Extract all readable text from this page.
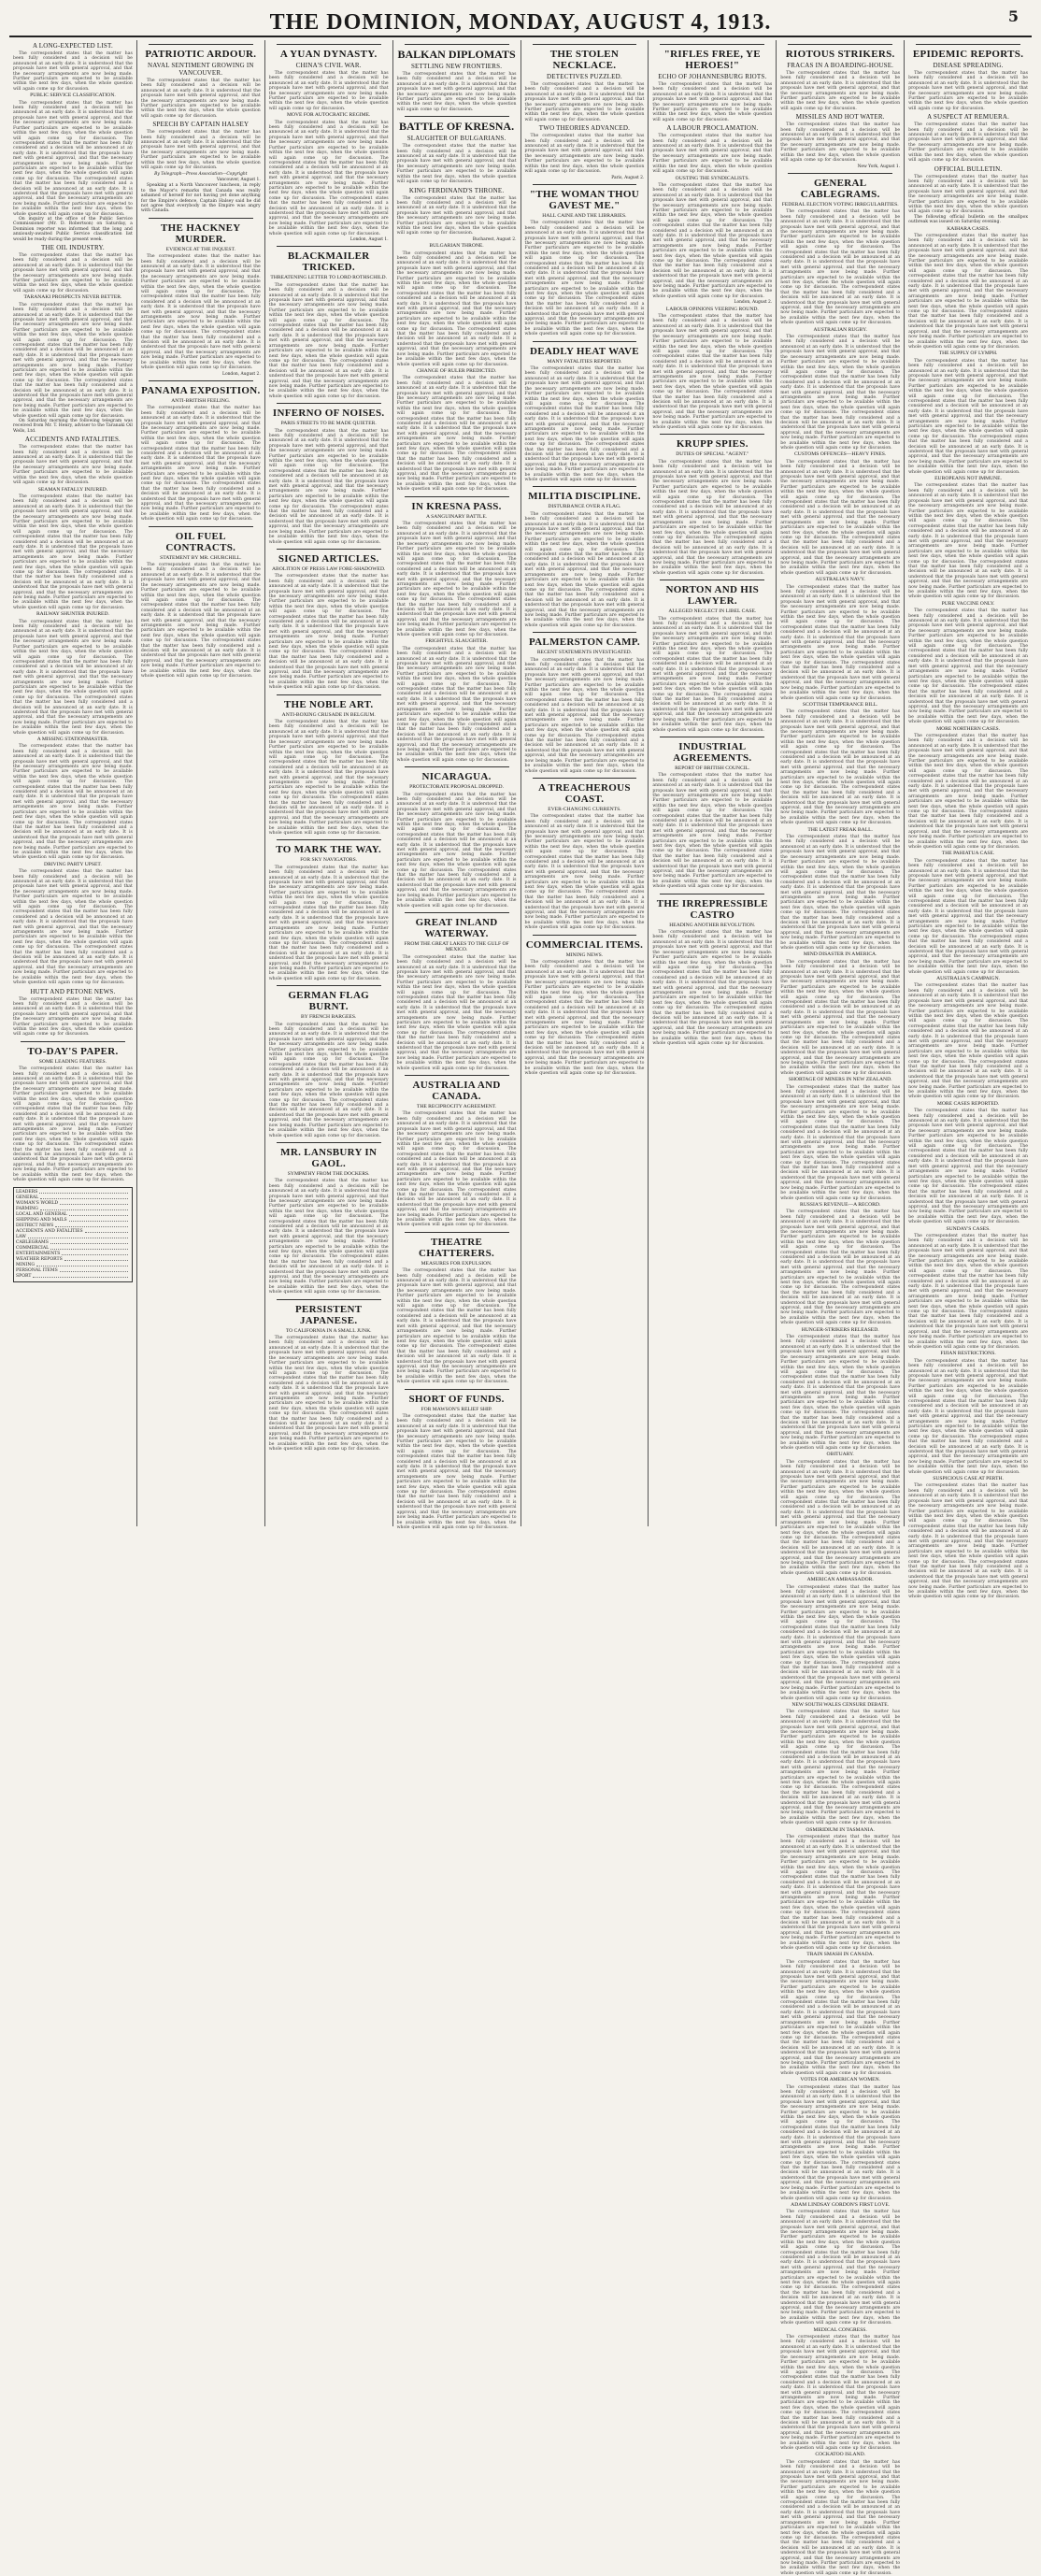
THE DOMINION, MONDAY, AUGUST 4, 1913.	5
A LONG-EXPECTED LIST.
The correspondent states that the matter has been fully considered and a decision will be announced at an early date. It is understood that the proposals have met with general approval, and that the necessary arrangements are now being made. Further particulars are expected to be available within the next few days, when the whole question will again come up for discussion.
PUBLIC SERVICE CLASSIFICATION.
The correspondent states that the matter has been fully considered and a decision will be announced at an early date. It is understood that the proposals have met with general approval, and that the necessary arrangements are now being made. Further particulars are expected to be available within the next few days, when the whole question will again come up for discussion. The correspondent states that the matter has been fully considered and a decision will be announced at an early date. It is understood that the proposals have met with general approval, and that the necessary arrangements are now being made. Further particulars are expected to be available within the next few days, when the whole question will again come up for discussion. The correspondent states that the matter has been fully considered and a decision will be announced at an early date. It is understood that the proposals have met with general approval, and that the necessary arrangements are now being made. Further particulars are expected to be available within the next few days, when the whole question will again come up for discussion.
On inquiry at the office of the Public Service Commissioner (Mr. D. Robertson) on Saturday, a Dominion reporter was informed that the long and anxiously-awaited Public Service classification list would be ready during the present week.
THE OIL INDUSTRY.
The correspondent states that the matter has been fully considered and a decision will be announced at an early date. It is understood that the proposals have met with general approval, and that the necessary arrangements are now being made. Further particulars are expected to be available within the next few days, when the whole question will again come up for discussion.
TARANAKI PROSPECTS NEVER BETTER.
The correspondent states that the matter has been fully considered and a decision will be announced at an early date. It is understood that the proposals have met with general approval, and that the necessary arrangements are now being made. Further particulars are expected to be available within the next few days, when the whole question will again come up for discussion. The correspondent states that the matter has been fully considered and a decision will be announced at an early date. It is understood that the proposals have met with general approval, and that the necessary arrangements are now being made. Further particulars are expected to be available within the next few days, when the whole question will again come up for discussion. The correspondent states that the matter has been fully considered and a decision will be announced at an early date. It is understood that the proposals have met with general approval, and that the necessary arrangements are now being made. Further particulars are expected to be available within the next few days, when the whole question will again come up for discussion.
On Saturday morning the following telegram was received from Mr. T. Henry, adviser to the Taranaki Oil Wells, Ltd.
ACCIDENTS AND FATALITIES.
The correspondent states that the matter has been fully considered and a decision will be announced at an early date. It is understood that the proposals have met with general approval, and that the necessary arrangements are now being made. Further particulars are expected to be available within the next few days, when the whole question will again come up for discussion.
SEAMAN FATALLY INJURED.
The correspondent states that the matter has been fully considered and a decision will be announced at an early date. It is understood that the proposals have met with general approval, and that the necessary arrangements are now being made. Further particulars are expected to be available within the next few days, when the whole question will again come up for discussion. The correspondent states that the matter has been fully considered and a decision will be announced at an early date. It is understood that the proposals have met with general approval, and that the necessary arrangements are now being made. Further particulars are expected to be available within the next few days, when the whole question will again come up for discussion. The correspondent states that the matter has been fully considered and a decision will be announced at an early date. It is understood that the proposals have met with general approval, and that the necessary arrangements are now being made. Further particulars are expected to be available within the next few days, when the whole question will again come up for discussion.
RAILWAY SHUNTER INJURED.
The correspondent states that the matter has been fully considered and a decision will be announced at an early date. It is understood that the proposals have met with general approval, and that the necessary arrangements are now being made. Further particulars are expected to be available within the next few days, when the whole question will again come up for discussion. The correspondent states that the matter has been fully considered and a decision will be announced at an early date. It is understood that the proposals have met with general approval, and that the necessary arrangements are now being made. Further particulars are expected to be available within the next few days, when the whole question will again come up for discussion. The correspondent states that the matter has been fully considered and a decision will be announced at an early date. It is understood that the proposals have met with general approval, and that the necessary arrangements are now being made. Further particulars are expected to be available within the next few days, when the whole question will again come up for discussion.
A MISSING STATIONMASTER.
The correspondent states that the matter has been fully considered and a decision will be announced at an early date. It is understood that the proposals have met with general approval, and that the necessary arrangements are now being made. Further particulars are expected to be available within the next few days, when the whole question will again come up for discussion. The correspondent states that the matter has been fully considered and a decision will be announced at an early date. It is understood that the proposals have met with general approval, and that the necessary arrangements are now being made. Further particulars are expected to be available within the next few days, when the whole question will again come up for discussion. The correspondent states that the matter has been fully considered and a decision will be announced at an early date. It is understood that the proposals have met with general approval, and that the necessary arrangements are now being made. Further particulars are expected to be available within the next few days, when the whole question will again come up for discussion.
DRIVING PARTY UPSET.
The correspondent states that the matter has been fully considered and a decision will be announced at an early date. It is understood that the proposals have met with general approval, and that the necessary arrangements are now being made. Further particulars are expected to be available within the next few days, when the whole question will again come up for discussion. The correspondent states that the matter has been fully considered and a decision will be announced at an early date. It is understood that the proposals have met with general approval, and that the necessary arrangements are now being made. Further particulars are expected to be available within the next few days, when the whole question will again come up for discussion. The correspondent states that the matter has been fully considered and a decision will be announced at an early date. It is understood that the proposals have met with general approval, and that the necessary arrangements are now being made. Further particulars are expected to be available within the next few days, when the whole question will again come up for discussion.
HUTT AND PETONE NEWS.
The correspondent states that the matter has been fully considered and a decision will be announced at an early date. It is understood that the proposals have met with general approval, and that the necessary arrangements are now being made. Further particulars are expected to be available within the next few days, when the whole question will again come up for discussion.
TO-DAY'S PAPER.
SOME LEADING FEATURES.
The correspondent states that the matter has been fully considered and a decision will be announced at an early date. It is understood that the proposals have met with general approval, and that the necessary arrangements are now being made. Further particulars are expected to be available within the next few days, when the whole question will again come up for discussion. The correspondent states that the matter has been fully considered and a decision will be announced at an early date. It is understood that the proposals have met with general approval, and that the necessary arrangements are now being made. Further particulars are expected to be available within the next few days, when the whole question will again come up for discussion. The correspondent states that the matter has been fully considered and a decision will be announced at an early date. It is understood that the proposals have met with general approval, and that the necessary arrangements are now being made. Further particulars are expected to be available within the next few days, when the whole question will again come up for discussion.
LEADERS
GENERAL
WOMAN'S WORLD
FARMING
LOCAL AND GENERAL
SHIPPING AND MAILS
DISTRICT NEWS
ACCIDENTS AND FATALITIES
LAW
CABLEGRAMS
COMMERCIAL
ENTERTAINMENTS
WEATHER REPORTS
MINING
PERSONAL ITEMS
SPORT
PATRIOTIC ARDOUR.
NAVAL SENTIMENT GROWING IN VANCOUVER.
The correspondent states that the matter has been fully considered and a decision will be announced at an early date. It is understood that the proposals have met with general approval, and that the necessary arrangements are now being made. Further particulars are expected to be available within the next few days, when the whole question will again come up for discussion.
SPEECH BY CAPTAIN HALSEY
The correspondent states that the matter has been fully considered and a decision will be announced at an early date. It is understood that the proposals have met with general approval, and that the necessary arrangements are now being made. Further particulars are expected to be available within the next few days, when the whole question will again come up for discussion.
By Telegraph—Press Association—Copyright
Vancouver, August 1.
Speaking at a North Vancouver luncheon, in reply to the Mayor's remarks that Canada was really ashamed of herself for not having yet done anything for the Empire's defence, Captain Halsey said he did not agree that everybody in the Empire was angry with Canada.
THE HACKNEY MURDER.
EVIDENCE AT THE INQUEST.
The correspondent states that the matter has been fully considered and a decision will be announced at an early date. It is understood that the proposals have met with general approval, and that the necessary arrangements are now being made. Further particulars are expected to be available within the next few days, when the whole question will again come up for discussion. The correspondent states that the matter has been fully considered and a decision will be announced at an early date. It is understood that the proposals have met with general approval, and that the necessary arrangements are now being made. Further particulars are expected to be available within the next few days, when the whole question will again come up for discussion. The correspondent states that the matter has been fully considered and a decision will be announced at an early date. It is understood that the proposals have met with general approval, and that the necessary arrangements are now being made. Further particulars are expected to be available within the next few days, when the whole question will again come up for discussion.
London, August 2.
PANAMA EXPOSITION.
ANTI-BRITISH FEELING.
The correspondent states that the matter has been fully considered and a decision will be announced at an early date. It is understood that the proposals have met with general approval, and that the necessary arrangements are now being made. Further particulars are expected to be available within the next few days, when the whole question will again come up for discussion. The correspondent states that the matter has been fully considered and a decision will be announced at an early date. It is understood that the proposals have met with general approval, and that the necessary arrangements are now being made. Further particulars are expected to be available within the next few days, when the whole question will again come up for discussion. The correspondent states that the matter has been fully considered and a decision will be announced at an early date. It is understood that the proposals have met with general approval, and that the necessary arrangements are now being made. Further particulars are expected to be available within the next few days, when the whole question will again come up for discussion.
OIL FUEL CONTRACTS.
STATEMENT BY MR. CHURCHILL.
The correspondent states that the matter has been fully considered and a decision will be announced at an early date. It is understood that the proposals have met with general approval, and that the necessary arrangements are now being made. Further particulars are expected to be available within the next few days, when the whole question will again come up for discussion. The correspondent states that the matter has been fully considered and a decision will be announced at an early date. It is understood that the proposals have met with general approval, and that the necessary arrangements are now being made. Further particulars are expected to be available within the next few days, when the whole question will again come up for discussion. The correspondent states that the matter has been fully considered and a decision will be announced at an early date. It is understood that the proposals have met with general approval, and that the necessary arrangements are now being made. Further particulars are expected to be available within the next few days, when the whole question will again come up for discussion.
A YUAN DYNASTY.
CHINA'S CIVIL WAR.
The correspondent states that the matter has been fully considered and a decision will be announced at an early date. It is understood that the proposals have met with general approval, and that the necessary arrangements are now being made. Further particulars are expected to be available within the next few days, when the whole question will again come up for discussion.
MOVE FOR AUTOCRATIC REGIME.
The correspondent states that the matter has been fully considered and a decision will be announced at an early date. It is understood that the proposals have met with general approval, and that the necessary arrangements are now being made. Further particulars are expected to be available within the next few days, when the whole question will again come up for discussion. The correspondent states that the matter has been fully considered and a decision will be announced at an early date. It is understood that the proposals have met with general approval, and that the necessary arrangements are now being made. Further particulars are expected to be available within the next few days, when the whole question will again come up for discussion. The correspondent states that the matter has been fully considered and a decision will be announced at an early date. It is understood that the proposals have met with general approval, and that the necessary arrangements are now being made. Further particulars are expected to be available within the next few days, when the whole question will again come up for discussion.
London, August 1.
BLACKMAILER TRICKED.
THREATENING LETTER TO LORD ROTHSCHILD.
The correspondent states that the matter has been fully considered and a decision will be announced at an early date. It is understood that the proposals have met with general approval, and that the necessary arrangements are now being made. Further particulars are expected to be available within the next few days, when the whole question will again come up for discussion. The correspondent states that the matter has been fully considered and a decision will be announced at an early date. It is understood that the proposals have met with general approval, and that the necessary arrangements are now being made. Further particulars are expected to be available within the next few days, when the whole question will again come up for discussion. The correspondent states that the matter has been fully considered and a decision will be announced at an early date. It is understood that the proposals have met with general approval, and that the necessary arrangements are now being made. Further particulars are expected to be available within the next few days, when the whole question will again come up for discussion.
INFERNO OF NOISES.
PARIS STREETS TO BE MADE QUIETER.
The correspondent states that the matter has been fully considered and a decision will be announced at an early date. It is understood that the proposals have met with general approval, and that the necessary arrangements are now being made. Further particulars are expected to be available within the next few days, when the whole question will again come up for discussion. The correspondent states that the matter has been fully considered and a decision will be announced at an early date. It is understood that the proposals have met with general approval, and that the necessary arrangements are now being made. Further particulars are expected to be available within the next few days, when the whole question will again come up for discussion. The correspondent states that the matter has been fully considered and a decision will be announced at an early date. It is understood that the proposals have met with general approval, and that the necessary arrangements are now being made. Further particulars are expected to be available within the next few days, when the whole question will again come up for discussion.
SIGNED ARTICLES.
ABOLITION OF PRESS LAW FORE-SHADOWED.
The correspondent states that the matter has been fully considered and a decision will be announced at an early date. It is understood that the proposals have met with general approval, and that the necessary arrangements are now being made. Further particulars are expected to be available within the next few days, when the whole question will again come up for discussion. The correspondent states that the matter has been fully considered and a decision will be announced at an early date. It is understood that the proposals have met with general approval, and that the necessary arrangements are now being made. Further particulars are expected to be available within the next few days, when the whole question will again come up for discussion. The correspondent states that the matter has been fully considered and a decision will be announced at an early date. It is understood that the proposals have met with general approval, and that the necessary arrangements are now being made. Further particulars are expected to be available within the next few days, when the whole question will again come up for discussion.
THE NOBLE ART.
ANTI-BOXING CRUSADE IN BELGIUM.
The correspondent states that the matter has been fully considered and a decision will be announced at an early date. It is understood that the proposals have met with general approval, and that the necessary arrangements are now being made. Further particulars are expected to be available within the next few days, when the whole question will again come up for discussion. The correspondent states that the matter has been fully considered and a decision will be announced at an early date. It is understood that the proposals have met with general approval, and that the necessary arrangements are now being made. Further particulars are expected to be available within the next few days, when the whole question will again come up for discussion. The correspondent states that the matter has been fully considered and a decision will be announced at an early date. It is understood that the proposals have met with general approval, and that the necessary arrangements are now being made. Further particulars are expected to be available within the next few days, when the whole question will again come up for discussion.
TO MARK THE WAY.
FOR SKY NAVIGATORS.
The correspondent states that the matter has been fully considered and a decision will be announced at an early date. It is understood that the proposals have met with general approval, and that the necessary arrangements are now being made. Further particulars are expected to be available within the next few days, when the whole question will again come up for discussion. The correspondent states that the matter has been fully considered and a decision will be announced at an early date. It is understood that the proposals have met with general approval, and that the necessary arrangements are now being made. Further particulars are expected to be available within the next few days, when the whole question will again come up for discussion. The correspondent states that the matter has been fully considered and a decision will be announced at an early date. It is understood that the proposals have met with general approval, and that the necessary arrangements are now being made. Further particulars are expected to be available within the next few days, when the whole question will again come up for discussion.
GERMAN FLAG BURNT.
BY FRENCH BARGEES.
The correspondent states that the matter has been fully considered and a decision will be announced at an early date. It is understood that the proposals have met with general approval, and that the necessary arrangements are now being made. Further particulars are expected to be available within the next few days, when the whole question will again come up for discussion. The correspondent states that the matter has been fully considered and a decision will be announced at an early date. It is understood that the proposals have met with general approval, and that the necessary arrangements are now being made. Further particulars are expected to be available within the next few days, when the whole question will again come up for discussion. The correspondent states that the matter has been fully considered and a decision will be announced at an early date. It is understood that the proposals have met with general approval, and that the necessary arrangements are now being made. Further particulars are expected to be available within the next few days, when the whole question will again come up for discussion.
MR. LANSBURY IN GAOL.
SYMPATHY FROM THE DOCKERS.
The correspondent states that the matter has been fully considered and a decision will be announced at an early date. It is understood that the proposals have met with general approval, and that the necessary arrangements are now being made. Further particulars are expected to be available within the next few days, when the whole question will again come up for discussion. The correspondent states that the matter has been fully considered and a decision will be announced at an early date. It is understood that the proposals have met with general approval, and that the necessary arrangements are now being made. Further particulars are expected to be available within the next few days, when the whole question will again come up for discussion. The correspondent states that the matter has been fully considered and a decision will be announced at an early date. It is understood that the proposals have met with general approval, and that the necessary arrangements are now being made. Further particulars are expected to be available within the next few days, when the whole question will again come up for discussion.
PERSISTENT JAPANESE.
TO CALIFORNIA IN A SMALL JUNK.
The correspondent states that the matter has been fully considered and a decision will be announced at an early date. It is understood that the proposals have met with general approval, and that the necessary arrangements are now being made. Further particulars are expected to be available within the next few days, when the whole question will again come up for discussion. The correspondent states that the matter has been fully considered and a decision will be announced at an early date. It is understood that the proposals have met with general approval, and that the necessary arrangements are now being made. Further particulars are expected to be available within the next few days, when the whole question will again come up for discussion. The correspondent states that the matter has been fully considered and a decision will be announced at an early date. It is understood that the proposals have met with general approval, and that the necessary arrangements are now being made. Further particulars are expected to be available within the next few days, when the whole question will again come up for discussion.
BALKAN DIPLOMATS
SETTLING NEW FRONTIERS.
The correspondent states that the matter has been fully considered and a decision will be announced at an early date. It is understood that the proposals have met with general approval, and that the necessary arrangements are now being made. Further particulars are expected to be available within the next few days, when the whole question will again come up for discussion.
BATTLE OF KRESNA.
SLAUGHTER OF BULGARIANS.
The correspondent states that the matter has been fully considered and a decision will be announced at an early date. It is understood that the proposals have met with general approval, and that the necessary arrangements are now being made. Further particulars are expected to be available within the next few days, when the whole question will again come up for discussion.
KING FERDINAND'S THRONE.
The correspondent states that the matter has been fully considered and a decision will be announced at an early date. It is understood that the proposals have met with general approval, and that the necessary arrangements are now being made. Further particulars are expected to be available within the next few days, when the whole question will again come up for discussion.
Bucharest, August 2.
BULGARIAN THRONE.
The correspondent states that the matter has been fully considered and a decision will be announced at an early date. It is understood that the proposals have met with general approval, and that the necessary arrangements are now being made. Further particulars are expected to be available within the next few days, when the whole question will again come up for discussion. The correspondent states that the matter has been fully considered and a decision will be announced at an early date. It is understood that the proposals have met with general approval, and that the necessary arrangements are now being made. Further particulars are expected to be available within the next few days, when the whole question will again come up for discussion. The correspondent states that the matter has been fully considered and a decision will be announced at an early date. It is understood that the proposals have met with general approval, and that the necessary arrangements are now being made. Further particulars are expected to be available within the next few days, when the whole question will again come up for discussion.
CHANGE OF RULER PREDICTED.
The correspondent states that the matter has been fully considered and a decision will be announced at an early date. It is understood that the proposals have met with general approval, and that the necessary arrangements are now being made. Further particulars are expected to be available within the next few days, when the whole question will again come up for discussion. The correspondent states that the matter has been fully considered and a decision will be announced at an early date. It is understood that the proposals have met with general approval, and that the necessary arrangements are now being made. Further particulars are expected to be available within the next few days, when the whole question will again come up for discussion. The correspondent states that the matter has been fully considered and a decision will be announced at an early date. It is understood that the proposals have met with general approval, and that the necessary arrangements are now being made. Further particulars are expected to be available within the next few days, when the whole question will again come up for discussion.
IN KRESNA PASS.
A SANGUINARY BATTLE.
The correspondent states that the matter has been fully considered and a decision will be announced at an early date. It is understood that the proposals have met with general approval, and that the necessary arrangements are now being made. Further particulars are expected to be available within the next few days, when the whole question will again come up for discussion. The correspondent states that the matter has been fully considered and a decision will be announced at an early date. It is understood that the proposals have met with general approval, and that the necessary arrangements are now being made. Further particulars are expected to be available within the next few days, when the whole question will again come up for discussion. The correspondent states that the matter has been fully considered and a decision will be announced at an early date. It is understood that the proposals have met with general approval, and that the necessary arrangements are now being made. Further particulars are expected to be available within the next few days, when the whole question will again come up for discussion.
FRIGHTFUL SLAUGHTER.
The correspondent states that the matter has been fully considered and a decision will be announced at an early date. It is understood that the proposals have met with general approval, and that the necessary arrangements are now being made. Further particulars are expected to be available within the next few days, when the whole question will again come up for discussion. The correspondent states that the matter has been fully considered and a decision will be announced at an early date. It is understood that the proposals have met with general approval, and that the necessary arrangements are now being made. Further particulars are expected to be available within the next few days, when the whole question will again come up for discussion. The correspondent states that the matter has been fully considered and a decision will be announced at an early date. It is understood that the proposals have met with general approval, and that the necessary arrangements are now being made. Further particulars are expected to be available within the next few days, when the whole question will again come up for discussion.
NICARAGUA.
PROTECTORATE PROPOSAL DROPPED.
The correspondent states that the matter has been fully considered and a decision will be announced at an early date. It is understood that the proposals have met with general approval, and that the necessary arrangements are now being made. Further particulars are expected to be available within the next few days, when the whole question will again come up for discussion. The correspondent states that the matter has been fully considered and a decision will be announced at an early date. It is understood that the proposals have met with general approval, and that the necessary arrangements are now being made. Further particulars are expected to be available within the next few days, when the whole question will again come up for discussion. The correspondent states that the matter has been fully considered and a decision will be announced at an early date. It is understood that the proposals have met with general approval, and that the necessary arrangements are now being made. Further particulars are expected to be available within the next few days, when the whole question will again come up for discussion.
GREAT INLAND WATERWAY.
FROM THE GREAT LAKES TO THE GULF OF MEXICO.
The correspondent states that the matter has been fully considered and a decision will be announced at an early date. It is understood that the proposals have met with general approval, and that the necessary arrangements are now being made. Further particulars are expected to be available within the next few days, when the whole question will again come up for discussion. The correspondent states that the matter has been fully considered and a decision will be announced at an early date. It is understood that the proposals have met with general approval, and that the necessary arrangements are now being made. Further particulars are expected to be available within the next few days, when the whole question will again come up for discussion. The correspondent states that the matter has been fully considered and a decision will be announced at an early date. It is understood that the proposals have met with general approval, and that the necessary arrangements are now being made. Further particulars are expected to be available within the next few days, when the whole question will again come up for discussion.
AUSTRALIA AND CANADA.
THE RECIPROCITY AGREEMENT.
The correspondent states that the matter has been fully considered and a decision will be announced at an early date. It is understood that the proposals have met with general approval, and that the necessary arrangements are now being made. Further particulars are expected to be available within the next few days, when the whole question will again come up for discussion. The correspondent states that the matter has been fully considered and a decision will be announced at an early date. It is understood that the proposals have met with general approval, and that the necessary arrangements are now being made. Further particulars are expected to be available within the next few days, when the whole question will again come up for discussion. The correspondent states that the matter has been fully considered and a decision will be announced at an early date. It is understood that the proposals have met with general approval, and that the necessary arrangements are now being made. Further particulars are expected to be available within the next few days, when the whole question will again come up for discussion.
THEATRE CHATTERERS.
MEASURES FOR EXPULSION.
The correspondent states that the matter has been fully considered and a decision will be announced at an early date. It is understood that the proposals have met with general approval, and that the necessary arrangements are now being made. Further particulars are expected to be available within the next few days, when the whole question will again come up for discussion. The correspondent states that the matter has been fully considered and a decision will be announced at an early date. It is understood that the proposals have met with general approval, and that the necessary arrangements are now being made. Further particulars are expected to be available within the next few days, when the whole question will again come up for discussion. The correspondent states that the matter has been fully considered and a decision will be announced at an early date. It is understood that the proposals have met with general approval, and that the necessary arrangements are now being made. Further particulars are expected to be available within the next few days, when the whole question will again come up for discussion.
SHORT OF FUNDS.
FOR MAWSON'S RELIEF SHIP.
The correspondent states that the matter has been fully considered and a decision will be announced at an early date. It is understood that the proposals have met with general approval, and that the necessary arrangements are now being made. Further particulars are expected to be available within the next few days, when the whole question will again come up for discussion. The correspondent states that the matter has been fully considered and a decision will be announced at an early date. It is understood that the proposals have met with general approval, and that the necessary arrangements are now being made. Further particulars are expected to be available within the next few days, when the whole question will again come up for discussion. The correspondent states that the matter has been fully considered and a decision will be announced at an early date. It is understood that the proposals have met with general approval, and that the necessary arrangements are now being made. Further particulars are expected to be available within the next few days, when the whole question will again come up for discussion.
THE STOLEN NECKLACE.
DETECTIVES PUZZLED.
The correspondent states that the matter has been fully considered and a decision will be announced at an early date. It is understood that the proposals have met with general approval, and that the necessary arrangements are now being made. Further particulars are expected to be available within the next few days, when the whole question will again come up for discussion.
TWO THEORIES ADVANCED.
The correspondent states that the matter has been fully considered and a decision will be announced at an early date. It is understood that the proposals have met with general approval, and that the necessary arrangements are now being made. Further particulars are expected to be available within the next few days, when the whole question will again come up for discussion.
Paris, August 2.
"THE WOMAN THOU GAVEST ME."
HALL CAINE AND THE LIBRARIES.
The correspondent states that the matter has been fully considered and a decision will be announced at an early date. It is understood that the proposals have met with general approval, and that the necessary arrangements are now being made. Further particulars are expected to be available within the next few days, when the whole question will again come up for discussion. The correspondent states that the matter has been fully considered and a decision will be announced at an early date. It is understood that the proposals have met with general approval, and that the necessary arrangements are now being made. Further particulars are expected to be available within the next few days, when the whole question will again come up for discussion. The correspondent states that the matter has been fully considered and a decision will be announced at an early date. It is understood that the proposals have met with general approval, and that the necessary arrangements are now being made. Further particulars are expected to be available within the next few days, when the whole question will again come up for discussion.
DEADLY HEAT WAVE
MANY FATALITIES REPORTED.
The correspondent states that the matter has been fully considered and a decision will be announced at an early date. It is understood that the proposals have met with general approval, and that the necessary arrangements are now being made. Further particulars are expected to be available within the next few days, when the whole question will again come up for discussion. The correspondent states that the matter has been fully considered and a decision will be announced at an early date. It is understood that the proposals have met with general approval, and that the necessary arrangements are now being made. Further particulars are expected to be available within the next few days, when the whole question will again come up for discussion. The correspondent states that the matter has been fully considered and a decision will be announced at an early date. It is understood that the proposals have met with general approval, and that the necessary arrangements are now being made. Further particulars are expected to be available within the next few days, when the whole question will again come up for discussion.
MILITIA DISCIPLINE.
DISTURBANCE OVER A FLAG.
The correspondent states that the matter has been fully considered and a decision will be announced at an early date. It is understood that the proposals have met with general approval, and that the necessary arrangements are now being made. Further particulars are expected to be available within the next few days, when the whole question will again come up for discussion. The correspondent states that the matter has been fully considered and a decision will be announced at an early date. It is understood that the proposals have met with general approval, and that the necessary arrangements are now being made. Further particulars are expected to be available within the next few days, when the whole question will again come up for discussion. The correspondent states that the matter has been fully considered and a decision will be announced at an early date. It is understood that the proposals have met with general approval, and that the necessary arrangements are now being made. Further particulars are expected to be available within the next few days, when the whole question will again come up for discussion.
PALMERSTON CAMP.
RECENT STATEMENTS INVESTIGATED.
The correspondent states that the matter has been fully considered and a decision will be announced at an early date. It is understood that the proposals have met with general approval, and that the necessary arrangements are now being made. Further particulars are expected to be available within the next few days, when the whole question will again come up for discussion. The correspondent states that the matter has been fully considered and a decision will be announced at an early date. It is understood that the proposals have met with general approval, and that the necessary arrangements are now being made. Further particulars are expected to be available within the next few days, when the whole question will again come up for discussion. The correspondent states that the matter has been fully considered and a decision will be announced at an early date. It is understood that the proposals have met with general approval, and that the necessary arrangements are now being made. Further particulars are expected to be available within the next few days, when the whole question will again come up for discussion.
A TREACHEROUS COAST.
EVER-CHANGING CURRENTS.
The correspondent states that the matter has been fully considered and a decision will be announced at an early date. It is understood that the proposals have met with general approval, and that the necessary arrangements are now being made. Further particulars are expected to be available within the next few days, when the whole question will again come up for discussion. The correspondent states that the matter has been fully considered and a decision will be announced at an early date. It is understood that the proposals have met with general approval, and that the necessary arrangements are now being made. Further particulars are expected to be available within the next few days, when the whole question will again come up for discussion. The correspondent states that the matter has been fully considered and a decision will be announced at an early date. It is understood that the proposals have met with general approval, and that the necessary arrangements are now being made. Further particulars are expected to be available within the next few days, when the whole question will again come up for discussion.
COMMERCIAL ITEMS.
MINING NEWS.
The correspondent states that the matter has been fully considered and a decision will be announced at an early date. It is understood that the proposals have met with general approval, and that the necessary arrangements are now being made. Further particulars are expected to be available within the next few days, when the whole question will again come up for discussion. The correspondent states that the matter has been fully considered and a decision will be announced at an early date. It is understood that the proposals have met with general approval, and that the necessary arrangements are now being made. Further particulars are expected to be available within the next few days, when the whole question will again come up for discussion. The correspondent states that the matter has been fully considered and a decision will be announced at an early date. It is understood that the proposals have met with general approval, and that the necessary arrangements are now being made. Further particulars are expected to be available within the next few days, when the whole question will again come up for discussion.
"RIFLES FREE, YE HEROES!"
ECHO OF JOHANNESBURG RIOTS.
The correspondent states that the matter has been fully considered and a decision will be announced at an early date. It is understood that the proposals have met with general approval, and that the necessary arrangements are now being made. Further particulars are expected to be available within the next few days, when the whole question will again come up for discussion.
A LABOUR PROCLAMATION.
The correspondent states that the matter has been fully considered and a decision will be announced at an early date. It is understood that the proposals have met with general approval, and that the necessary arrangements are now being made. Further particulars are expected to be available within the next few days, when the whole question will again come up for discussion.
OUSTING THE SYNDICALISTS.
The correspondent states that the matter has been fully considered and a decision will be announced at an early date. It is understood that the proposals have met with general approval, and that the necessary arrangements are now being made. Further particulars are expected to be available within the next few days, when the whole question will again come up for discussion. The correspondent states that the matter has been fully considered and a decision will be announced at an early date. It is understood that the proposals have met with general approval, and that the necessary arrangements are now being made. Further particulars are expected to be available within the next few days, when the whole question will again come up for discussion. The correspondent states that the matter has been fully considered and a decision will be announced at an early date. It is understood that the proposals have met with general approval, and that the necessary arrangements are now being made. Further particulars are expected to be available within the next few days, when the whole question will again come up for discussion.
London, August 2.
LABOUR OPINIONS VEERING ROUND.
The correspondent states that the matter has been fully considered and a decision will be announced at an early date. It is understood that the proposals have met with general approval, and that the necessary arrangements are now being made. Further particulars are expected to be available within the next few days, when the whole question will again come up for discussion. The correspondent states that the matter has been fully considered and a decision will be announced at an early date. It is understood that the proposals have met with general approval, and that the necessary arrangements are now being made. Further particulars are expected to be available within the next few days, when the whole question will again come up for discussion. The correspondent states that the matter has been fully considered and a decision will be announced at an early date. It is understood that the proposals have met with general approval, and that the necessary arrangements are now being made. Further particulars are expected to be available within the next few days, when the whole question will again come up for discussion.
KRUPP SPIES.
DUTIES OF SPECIAL "AGENT."
The correspondent states that the matter has been fully considered and a decision will be announced at an early date. It is understood that the proposals have met with general approval, and that the necessary arrangements are now being made. Further particulars are expected to be available within the next few days, when the whole question will again come up for discussion. The correspondent states that the matter has been fully considered and a decision will be announced at an early date. It is understood that the proposals have met with general approval, and that the necessary arrangements are now being made. Further particulars are expected to be available within the next few days, when the whole question will again come up for discussion. The correspondent states that the matter has been fully considered and a decision will be announced at an early date. It is understood that the proposals have met with general approval, and that the necessary arrangements are now being made. Further particulars are expected to be available within the next few days, when the whole question will again come up for discussion.
NORTON AND HIS LAWYER.
ALLEGED NEGLECT IN LIBEL CASE.
The correspondent states that the matter has been fully considered and a decision will be announced at an early date. It is understood that the proposals have met with general approval, and that the necessary arrangements are now being made. Further particulars are expected to be available within the next few days, when the whole question will again come up for discussion. The correspondent states that the matter has been fully considered and a decision will be announced at an early date. It is understood that the proposals have met with general approval, and that the necessary arrangements are now being made. Further particulars are expected to be available within the next few days, when the whole question will again come up for discussion. The correspondent states that the matter has been fully considered and a decision will be announced at an early date. It is understood that the proposals have met with general approval, and that the necessary arrangements are now being made. Further particulars are expected to be available within the next few days, when the whole question will again come up for discussion.
INDUSTRIAL AGREEMENTS.
REPORT OF BRITISH COUNCIL.
The correspondent states that the matter has been fully considered and a decision will be announced at an early date. It is understood that the proposals have met with general approval, and that the necessary arrangements are now being made. Further particulars are expected to be available within the next few days, when the whole question will again come up for discussion. The correspondent states that the matter has been fully considered and a decision will be announced at an early date. It is understood that the proposals have met with general approval, and that the necessary arrangements are now being made. Further particulars are expected to be available within the next few days, when the whole question will again come up for discussion. The correspondent states that the matter has been fully considered and a decision will be announced at an early date. It is understood that the proposals have met with general approval, and that the necessary arrangements are now being made. Further particulars are expected to be available within the next few days, when the whole question will again come up for discussion.
THE IRREPRESSIBLE CASTRO
HEADING ANOTHER REVOLUTION.
The correspondent states that the matter has been fully considered and a decision will be announced at an early date. It is understood that the proposals have met with general approval, and that the necessary arrangements are now being made. Further particulars are expected to be available within the next few days, when the whole question will again come up for discussion. The correspondent states that the matter has been fully considered and a decision will be announced at an early date. It is understood that the proposals have met with general approval, and that the necessary arrangements are now being made. Further particulars are expected to be available within the next few days, when the whole question will again come up for discussion. The correspondent states that the matter has been fully considered and a decision will be announced at an early date. It is understood that the proposals have met with general approval, and that the necessary arrangements are now being made. Further particulars are expected to be available within the next few days, when the whole question will again come up for discussion.
RIOTOUS STRIKERS.
FRACAS IN A BOARDING-HOUSE.
The correspondent states that the matter has been fully considered and a decision will be announced at an early date. It is understood that the proposals have met with general approval, and that the necessary arrangements are now being made. Further particulars are expected to be available within the next few days, when the whole question will again come up for discussion.
MISSILES AND HOT WATER.
The correspondent states that the matter has been fully considered and a decision will be announced at an early date. It is understood that the proposals have met with general approval, and that the necessary arrangements are now being made. Further particulars are expected to be available within the next few days, when the whole question will again come up for discussion.
New York, August 1.
GENERAL CABLEGRAMS.
FEDERAL ELECTION VOTING IRREGULARITIES.
The correspondent states that the matter has been fully considered and a decision will be announced at an early date. It is understood that the proposals have met with general approval, and that the necessary arrangements are now being made. Further particulars are expected to be available within the next few days, when the whole question will again come up for discussion. The correspondent states that the matter has been fully considered and a decision will be announced at an early date. It is understood that the proposals have met with general approval, and that the necessary arrangements are now being made. Further particulars are expected to be available within the next few days, when the whole question will again come up for discussion. The correspondent states that the matter has been fully considered and a decision will be announced at an early date. It is understood that the proposals have met with general approval, and that the necessary arrangements are now being made. Further particulars are expected to be available within the next few days, when the whole question will again come up for discussion.
AUSTRALIAN RUGBY.
The correspondent states that the matter has been fully considered and a decision will be announced at an early date. It is understood that the proposals have met with general approval, and that the necessary arrangements are now being made. Further particulars are expected to be available within the next few days, when the whole question will again come up for discussion. The correspondent states that the matter has been fully considered and a decision will be announced at an early date. It is understood that the proposals have met with general approval, and that the necessary arrangements are now being made. Further particulars are expected to be available within the next few days, when the whole question will again come up for discussion. The correspondent states that the matter has been fully considered and a decision will be announced at an early date. It is understood that the proposals have met with general approval, and that the necessary arrangements are now being made. Further particulars are expected to be available within the next few days, when the whole question will again come up for discussion.
CUSTOMS OFFENCES—HEAVY FINES.
The correspondent states that the matter has been fully considered and a decision will be announced at an early date. It is understood that the proposals have met with general approval, and that the necessary arrangements are now being made. Further particulars are expected to be available within the next few days, when the whole question will again come up for discussion. The correspondent states that the matter has been fully considered and a decision will be announced at an early date. It is understood that the proposals have met with general approval, and that the necessary arrangements are now being made. Further particulars are expected to be available within the next few days, when the whole question will again come up for discussion. The correspondent states that the matter has been fully considered and a decision will be announced at an early date. It is understood that the proposals have met with general approval, and that the necessary arrangements are now being made. Further particulars are expected to be available within the next few days, when the whole question will again come up for discussion.
AUSTRALIA'S NAVY.
The correspondent states that the matter has been fully considered and a decision will be announced at an early date. It is understood that the proposals have met with general approval, and that the necessary arrangements are now being made. Further particulars are expected to be available within the next few days, when the whole question will again come up for discussion. The correspondent states that the matter has been fully considered and a decision will be announced at an early date. It is understood that the proposals have met with general approval, and that the necessary arrangements are now being made. Further particulars are expected to be available within the next few days, when the whole question will again come up for discussion. The correspondent states that the matter has been fully considered and a decision will be announced at an early date. It is understood that the proposals have met with general approval, and that the necessary arrangements are now being made. Further particulars are expected to be available within the next few days, when the whole question will again come up for discussion.
SCOTTISH TEMPERANCE BILL.
The correspondent states that the matter has been fully considered and a decision will be announced at an early date. It is understood that the proposals have met with general approval, and that the necessary arrangements are now being made. Further particulars are expected to be available within the next few days, when the whole question will again come up for discussion. The correspondent states that the matter has been fully considered and a decision will be announced at an early date. It is understood that the proposals have met with general approval, and that the necessary arrangements are now being made. Further particulars are expected to be available within the next few days, when the whole question will again come up for discussion. The correspondent states that the matter has been fully considered and a decision will be announced at an early date. It is understood that the proposals have met with general approval, and that the necessary arrangements are now being made. Further particulars are expected to be available within the next few days, when the whole question will again come up for discussion.
THE LATEST FREAK BALL.
The correspondent states that the matter has been fully considered and a decision will be announced at an early date. It is understood that the proposals have met with general approval, and that the necessary arrangements are now being made. Further particulars are expected to be available within the next few days, when the whole question will again come up for discussion. The correspondent states that the matter has been fully considered and a decision will be announced at an early date. It is understood that the proposals have met with general approval, and that the necessary arrangements are now being made. Further particulars are expected to be available within the next few days, when the whole question will again come up for discussion. The correspondent states that the matter has been fully considered and a decision will be announced at an early date. It is understood that the proposals have met with general approval, and that the necessary arrangements are now being made. Further particulars are expected to be available within the next few days, when the whole question will again come up for discussion.
MIND DISASTER IN AMERICA.
The correspondent states that the matter has been fully considered and a decision will be announced at an early date. It is understood that the proposals have met with general approval, and that the necessary arrangements are now being made. Further particulars are expected to be available within the next few days, when the whole question will again come up for discussion. The correspondent states that the matter has been fully considered and a decision will be announced at an early date. It is understood that the proposals have met with general approval, and that the necessary arrangements are now being made. Further particulars are expected to be available within the next few days, when the whole question will again come up for discussion. The correspondent states that the matter has been fully considered and a decision will be announced at an early date. It is understood that the proposals have met with general approval, and that the necessary arrangements are now being made. Further particulars are expected to be available within the next few days, when the whole question will again come up for discussion.
SHORTAGE OF MINERS IN NEW ZEALAND.
The correspondent states that the matter has been fully considered and a decision will be announced at an early date. It is understood that the proposals have met with general approval, and that the necessary arrangements are now being made. Further particulars are expected to be available within the next few days, when the whole question will again come up for discussion. The correspondent states that the matter has been fully considered and a decision will be announced at an early date. It is understood that the proposals have met with general approval, and that the necessary arrangements are now being made. Further particulars are expected to be available within the next few days, when the whole question will again come up for discussion. The correspondent states that the matter has been fully considered and a decision will be announced at an early date. It is understood that the proposals have met with general approval, and that the necessary arrangements are now being made. Further particulars are expected to be available within the next few days, when the whole question will again come up for discussion.
RUSSIA'S REVENUE—A RECORD.
The correspondent states that the matter has been fully considered and a decision will be announced at an early date. It is understood that the proposals have met with general approval, and that the necessary arrangements are now being made. Further particulars are expected to be available within the next few days, when the whole question will again come up for discussion. The correspondent states that the matter has been fully considered and a decision will be announced at an early date. It is understood that the proposals have met with general approval, and that the necessary arrangements are now being made. Further particulars are expected to be available within the next few days, when the whole question will again come up for discussion. The correspondent states that the matter has been fully considered and a decision will be announced at an early date. It is understood that the proposals have met with general approval, and that the necessary arrangements are now being made. Further particulars are expected to be available within the next few days, when the whole question will again come up for discussion.
HUNGER-STRIKERS RELEASED.
The correspondent states that the matter has been fully considered and a decision will be announced at an early date. It is understood that the proposals have met with general approval, and that the necessary arrangements are now being made. Further particulars are expected to be available within the next few days, when the whole question will again come up for discussion. The correspondent states that the matter has been fully considered and a decision will be announced at an early date. It is understood that the proposals have met with general approval, and that the necessary arrangements are now being made. Further particulars are expected to be available within the next few days, when the whole question will again come up for discussion. The correspondent states that the matter has been fully considered and a decision will be announced at an early date. It is understood that the proposals have met with general approval, and that the necessary arrangements are now being made. Further particulars are expected to be available within the next few days, when the whole question will again come up for discussion.
OBITUARY.
The correspondent states that the matter has been fully considered and a decision will be announced at an early date. It is understood that the proposals have met with general approval, and that the necessary arrangements are now being made. Further particulars are expected to be available within the next few days, when the whole question will again come up for discussion. The correspondent states that the matter has been fully considered and a decision will be announced at an early date. It is understood that the proposals have met with general approval, and that the necessary arrangements are now being made. Further particulars are expected to be available within the next few days, when the whole question will again come up for discussion. The correspondent states that the matter has been fully considered and a decision will be announced at an early date. It is understood that the proposals have met with general approval, and that the necessary arrangements are now being made. Further particulars are expected to be available within the next few days, when the whole question will again come up for discussion.
AMERICAN AMBASSADOR.
The correspondent states that the matter has been fully considered and a decision will be announced at an early date. It is understood that the proposals have met with general approval, and that the necessary arrangements are now being made. Further particulars are expected to be available within the next few days, when the whole question will again come up for discussion. The correspondent states that the matter has been fully considered and a decision will be announced at an early date. It is understood that the proposals have met with general approval, and that the necessary arrangements are now being made. Further particulars are expected to be available within the next few days, when the whole question will again come up for discussion. The correspondent states that the matter has been fully considered and a decision will be announced at an early date. It is understood that the proposals have met with general approval, and that the necessary arrangements are now being made. Further particulars are expected to be available within the next few days, when the whole question will again come up for discussion.
NEW SOUTH WALES CENSURE DEBATE.
The correspondent states that the matter has been fully considered and a decision will be announced at an early date. It is understood that the proposals have met with general approval, and that the necessary arrangements are now being made. Further particulars are expected to be available within the next few days, when the whole question will again come up for discussion. The correspondent states that the matter has been fully considered and a decision will be announced at an early date. It is understood that the proposals have met with general approval, and that the necessary arrangements are now being made. Further particulars are expected to be available within the next few days, when the whole question will again come up for discussion. The correspondent states that the matter has been fully considered and a decision will be announced at an early date. It is understood that the proposals have met with general approval, and that the necessary arrangements are now being made. Further particulars are expected to be available within the next few days, when the whole question will again come up for discussion.
OSMIRIDIUM IN TASMANIA.
The correspondent states that the matter has been fully considered and a decision will be announced at an early date. It is understood that the proposals have met with general approval, and that the necessary arrangements are now being made. Further particulars are expected to be available within the next few days, when the whole question will again come up for discussion. The correspondent states that the matter has been fully considered and a decision will be announced at an early date. It is understood that the proposals have met with general approval, and that the necessary arrangements are now being made. Further particulars are expected to be available within the next few days, when the whole question will again come up for discussion. The correspondent states that the matter has been fully considered and a decision will be announced at an early date. It is understood that the proposals have met with general approval, and that the necessary arrangements are now being made. Further particulars are expected to be available within the next few days, when the whole question will again come up for discussion.
TRAIN SMASH IN CANADA.
The correspondent states that the matter has been fully considered and a decision will be announced at an early date. It is understood that the proposals have met with general approval, and that the necessary arrangements are now being made. Further particulars are expected to be available within the next few days, when the whole question will again come up for discussion. The correspondent states that the matter has been fully considered and a decision will be announced at an early date. It is understood that the proposals have met with general approval, and that the necessary arrangements are now being made. Further particulars are expected to be available within the next few days, when the whole question will again come up for discussion. The correspondent states that the matter has been fully considered and a decision will be announced at an early date. It is understood that the proposals have met with general approval, and that the necessary arrangements are now being made. Further particulars are expected to be available within the next few days, when the whole question will again come up for discussion.
VOTES FOR AMERICAN WOMEN.
The correspondent states that the matter has been fully considered and a decision will be announced at an early date. It is understood that the proposals have met with general approval, and that the necessary arrangements are now being made. Further particulars are expected to be available within the next few days, when the whole question will again come up for discussion. The correspondent states that the matter has been fully considered and a decision will be announced at an early date. It is understood that the proposals have met with general approval, and that the necessary arrangements are now being made. Further particulars are expected to be available within the next few days, when the whole question will again come up for discussion. The correspondent states that the matter has been fully considered and a decision will be announced at an early date. It is understood that the proposals have met with general approval, and that the necessary arrangements are now being made. Further particulars are expected to be available within the next few days, when the whole question will again come up for discussion.
ADAM LINDSAY GORDON'S FIRST LOVE.
The correspondent states that the matter has been fully considered and a decision will be announced at an early date. It is understood that the proposals have met with general approval, and that the necessary arrangements are now being made. Further particulars are expected to be available within the next few days, when the whole question will again come up for discussion. The correspondent states that the matter has been fully considered and a decision will be announced at an early date. It is understood that the proposals have met with general approval, and that the necessary arrangements are now being made. Further particulars are expected to be available within the next few days, when the whole question will again come up for discussion. The correspondent states that the matter has been fully considered and a decision will be announced at an early date. It is understood that the proposals have met with general approval, and that the necessary arrangements are now being made. Further particulars are expected to be available within the next few days, when the whole question will again come up for discussion.
MEDICAL CONGRESS.
The correspondent states that the matter has been fully considered and a decision will be announced at an early date. It is understood that the proposals have met with general approval, and that the necessary arrangements are now being made. Further particulars are expected to be available within the next few days, when the whole question will again come up for discussion. The correspondent states that the matter has been fully considered and a decision will be announced at an early date. It is understood that the proposals have met with general approval, and that the necessary arrangements are now being made. Further particulars are expected to be available within the next few days, when the whole question will again come up for discussion. The correspondent states that the matter has been fully considered and a decision will be announced at an early date. It is understood that the proposals have met with general approval, and that the necessary arrangements are now being made. Further particulars are expected to be available within the next few days, when the whole question will again come up for discussion.
COCKATOO ISLAND.
The correspondent states that the matter has been fully considered and a decision will be announced at an early date. It is understood that the proposals have met with general approval, and that the necessary arrangements are now being made. Further particulars are expected to be available within the next few days, when the whole question will again come up for discussion. The correspondent states that the matter has been fully considered and a decision will be announced at an early date. It is understood that the proposals have met with general approval, and that the necessary arrangements are now being made. Further particulars are expected to be available within the next few days, when the whole question will again come up for discussion. The correspondent states that the matter has been fully considered and a decision will be announced at an early date. It is understood that the proposals have met with general approval, and that the necessary arrangements are now being made. Further particulars are expected to be available within the next few days, when the whole question will again come up for discussion.
EPIDEMIC REPORTS.
DISEASE SPREADING.
The correspondent states that the matter has been fully considered and a decision will be announced at an early date. It is understood that the proposals have met with general approval, and that the necessary arrangements are now being made. Further particulars are expected to be available within the next few days, when the whole question will again come up for discussion.
A SUSPECT AT REMUERA.
The correspondent states that the matter has been fully considered and a decision will be announced at an early date. It is understood that the proposals have met with general approval, and that the necessary arrangements are now being made. Further particulars are expected to be available within the next few days, when the whole question will again come up for discussion.
OFFICIAL BULLETIN.
The correspondent states that the matter has been fully considered and a decision will be announced at an early date. It is understood that the proposals have met with general approval, and that the necessary arrangements are now being made. Further particulars are expected to be available within the next few days, when the whole question will again come up for discussion.
The following official bulletin on the smallpox outbreak was issued on Saturday evening.
KAIHARA CASES.
The correspondent states that the matter has been fully considered and a decision will be announced at an early date. It is understood that the proposals have met with general approval, and that the necessary arrangements are now being made. Further particulars are expected to be available within the next few days, when the whole question will again come up for discussion. The correspondent states that the matter has been fully considered and a decision will be announced at an early date. It is understood that the proposals have met with general approval, and that the necessary arrangements are now being made. Further particulars are expected to be available within the next few days, when the whole question will again come up for discussion. The correspondent states that the matter has been fully considered and a decision will be announced at an early date. It is understood that the proposals have met with general approval, and that the necessary arrangements are now being made. Further particulars are expected to be available within the next few days, when the whole question will again come up for discussion.
THE SUPPLY OF LYMPH.
The correspondent states that the matter has been fully considered and a decision will be announced at an early date. It is understood that the proposals have met with general approval, and that the necessary arrangements are now being made. Further particulars are expected to be available within the next few days, when the whole question will again come up for discussion. The correspondent states that the matter has been fully considered and a decision will be announced at an early date. It is understood that the proposals have met with general approval, and that the necessary arrangements are now being made. Further particulars are expected to be available within the next few days, when the whole question will again come up for discussion. The correspondent states that the matter has been fully considered and a decision will be announced at an early date. It is understood that the proposals have met with general approval, and that the necessary arrangements are now being made. Further particulars are expected to be available within the next few days, when the whole question will again come up for discussion.
EUROPEANS NOT IMMUNE.
The correspondent states that the matter has been fully considered and a decision will be announced at an early date. It is understood that the proposals have met with general approval, and that the necessary arrangements are now being made. Further particulars are expected to be available within the next few days, when the whole question will again come up for discussion. The correspondent states that the matter has been fully considered and a decision will be announced at an early date. It is understood that the proposals have met with general approval, and that the necessary arrangements are now being made. Further particulars are expected to be available within the next few days, when the whole question will again come up for discussion. The correspondent states that the matter has been fully considered and a decision will be announced at an early date. It is understood that the proposals have met with general approval, and that the necessary arrangements are now being made. Further particulars are expected to be available within the next few days, when the whole question will again come up for discussion.
PURE VACCINE ONLY.
The correspondent states that the matter has been fully considered and a decision will be announced at an early date. It is understood that the proposals have met with general approval, and that the necessary arrangements are now being made. Further particulars are expected to be available within the next few days, when the whole question will again come up for discussion. The correspondent states that the matter has been fully considered and a decision will be announced at an early date. It is understood that the proposals have met with general approval, and that the necessary arrangements are now being made. Further particulars are expected to be available within the next few days, when the whole question will again come up for discussion. The correspondent states that the matter has been fully considered and a decision will be announced at an early date. It is understood that the proposals have met with general approval, and that the necessary arrangements are now being made. Further particulars are expected to be available within the next few days, when the whole question will again come up for discussion.
MORE NORTHERN CASES.
The correspondent states that the matter has been fully considered and a decision will be announced at an early date. It is understood that the proposals have met with general approval, and that the necessary arrangements are now being made. Further particulars are expected to be available within the next few days, when the whole question will again come up for discussion. The correspondent states that the matter has been fully considered and a decision will be announced at an early date. It is understood that the proposals have met with general approval, and that the necessary arrangements are now being made. Further particulars are expected to be available within the next few days, when the whole question will again come up for discussion. The correspondent states that the matter has been fully considered and a decision will be announced at an early date. It is understood that the proposals have met with general approval, and that the necessary arrangements are now being made. Further particulars are expected to be available within the next few days, when the whole question will again come up for discussion.
THE PAHIATUA CASE.
The correspondent states that the matter has been fully considered and a decision will be announced at an early date. It is understood that the proposals have met with general approval, and that the necessary arrangements are now being made. Further particulars are expected to be available within the next few days, when the whole question will again come up for discussion. The correspondent states that the matter has been fully considered and a decision will be announced at an early date. It is understood that the proposals have met with general approval, and that the necessary arrangements are now being made. Further particulars are expected to be available within the next few days, when the whole question will again come up for discussion. The correspondent states that the matter has been fully considered and a decision will be announced at an early date. It is understood that the proposals have met with general approval, and that the necessary arrangements are now being made. Further particulars are expected to be available within the next few days, when the whole question will again come up for discussion.
AUSTRALIA'S CAMPAIGN.
The correspondent states that the matter has been fully considered and a decision will be announced at an early date. It is understood that the proposals have met with general approval, and that the necessary arrangements are now being made. Further particulars are expected to be available within the next few days, when the whole question will again come up for discussion. The correspondent states that the matter has been fully considered and a decision will be announced at an early date. It is understood that the proposals have met with general approval, and that the necessary arrangements are now being made. Further particulars are expected to be available within the next few days, when the whole question will again come up for discussion. The correspondent states that the matter has been fully considered and a decision will be announced at an early date. It is understood that the proposals have met with general approval, and that the necessary arrangements are now being made. Further particulars are expected to be available within the next few days, when the whole question will again come up for discussion.
MORE CASES REPORTED.
The correspondent states that the matter has been fully considered and a decision will be announced at an early date. It is understood that the proposals have met with general approval, and that the necessary arrangements are now being made. Further particulars are expected to be available within the next few days, when the whole question will again come up for discussion. The correspondent states that the matter has been fully considered and a decision will be announced at an early date. It is understood that the proposals have met with general approval, and that the necessary arrangements are now being made. Further particulars are expected to be available within the next few days, when the whole question will again come up for discussion. The correspondent states that the matter has been fully considered and a decision will be announced at an early date. It is understood that the proposals have met with general approval, and that the necessary arrangements are now being made. Further particulars are expected to be available within the next few days, when the whole question will again come up for discussion.
SUNDAY'S CASES.
The correspondent states that the matter has been fully considered and a decision will be announced at an early date. It is understood that the proposals have met with general approval, and that the necessary arrangements are now being made. Further particulars are expected to be available within the next few days, when the whole question will again come up for discussion. The correspondent states that the matter has been fully considered and a decision will be announced at an early date. It is understood that the proposals have met with general approval, and that the necessary arrangements are now being made. Further particulars are expected to be available within the next few days, when the whole question will again come up for discussion. The correspondent states that the matter has been fully considered and a decision will be announced at an early date. It is understood that the proposals have met with general approval, and that the necessary arrangements are now being made. Further particulars are expected to be available within the next few days, when the whole question will again come up for discussion.
FIJIAN RESTRICTIONS.
The correspondent states that the matter has been fully considered and a decision will be announced at an early date. It is understood that the proposals have met with general approval, and that the necessary arrangements are now being made. Further particulars are expected to be available within the next few days, when the whole question will again come up for discussion. The correspondent states that the matter has been fully considered and a decision will be announced at an early date. It is understood that the proposals have met with general approval, and that the necessary arrangements are now being made. Further particulars are expected to be available within the next few days, when the whole question will again come up for discussion. The correspondent states that the matter has been fully considered and a decision will be announced at an early date. It is understood that the proposals have met with general approval, and that the necessary arrangements are now being made. Further particulars are expected to be available within the next few days, when the whole question will again come up for discussion.
SUSPICIOUS CASE AT PERTH.
The correspondent states that the matter has been fully considered and a decision will be announced at an early date. It is understood that the proposals have met with general approval, and that the necessary arrangements are now being made. Further particulars are expected to be available within the next few days, when the whole question will again come up for discussion. The correspondent states that the matter has been fully considered and a decision will be announced at an early date. It is understood that the proposals have met with general approval, and that the necessary arrangements are now being made. Further particulars are expected to be available within the next few days, when the whole question will again come up for discussion. The correspondent states that the matter has been fully considered and a decision will be announced at an early date. It is understood that the proposals have met with general approval, and that the necessary arrangements are now being made. Further particulars are expected to be available within the next few days, when the whole question will again come up for discussion.
